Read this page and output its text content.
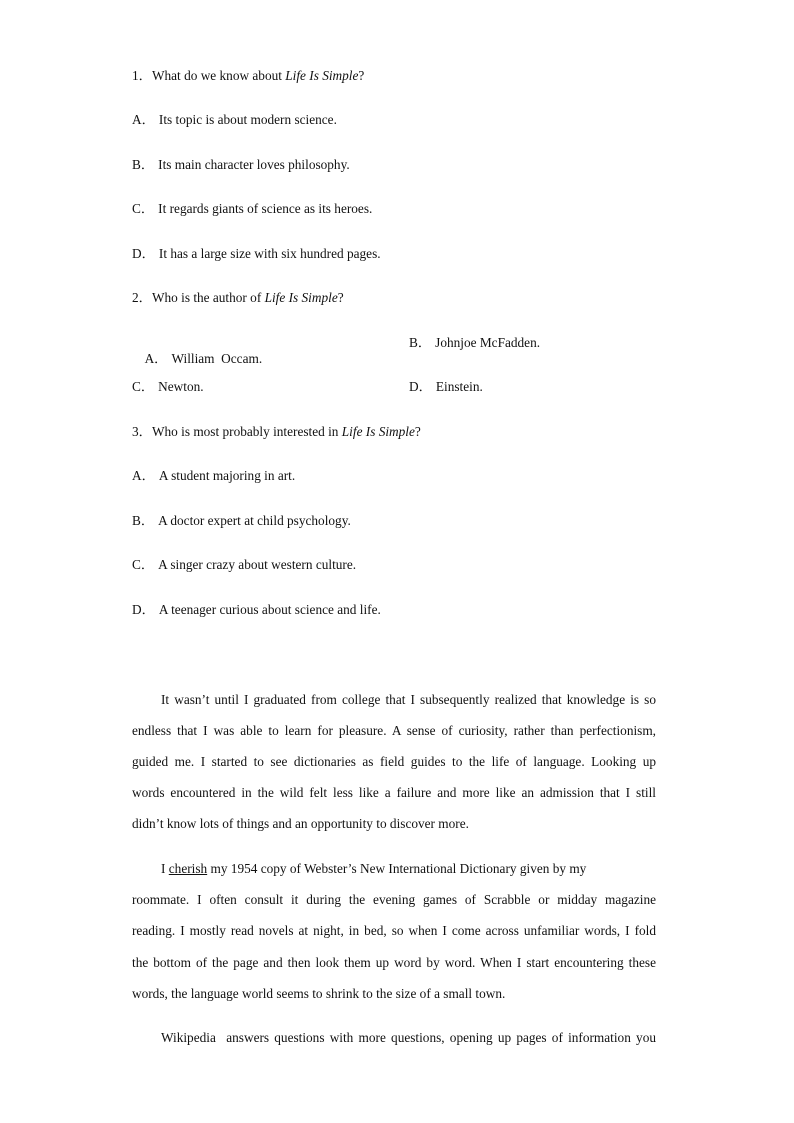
1．What do we know about Life Is Simple?
A． Its topic is about modern science.
B． Its main character loves philosophy.
C． It regards giants of science as its heroes.
D． It has a large size with six hundred pages.
2．Who is the author of Life Is Simple?

A． William  Occam.

B． Johnjoe McFadden.
C． Newton.	D． Einstein.
3．Who is most probably interested in Life Is Simple?
A． A student majoring in art.
B． A doctor expert at child psychology.
C． A singer crazy about western culture.
D． A teenager curious about science and life.
It wasn’t until I graduated from college that I subsequently realized that knowledge is so
endless that I was able to learn for pleasure. A sense of curiosity, rather than perfectionism,
guided me. I started to see dictionaries as field guides to the life of language. Looking up
words encountered in the wild felt less like a failure and more like an admission that I still
didn’t know lots of things and an opportunity to discover more.
I cherish my 1954 copy of Webster’s New International Dictionary given by my
roommate. I often consult it during the evening games of Scrabble or midday magazine
reading. I mostly read novels at night, in bed, so when I come across unfamiliar words, I fold
the bottom of the page and then look them up word by word. When I start encountering these
words, the language world seems to shrink to the size of a small town.
Wikipedia  answers questions with more questions, opening up pages of information you
